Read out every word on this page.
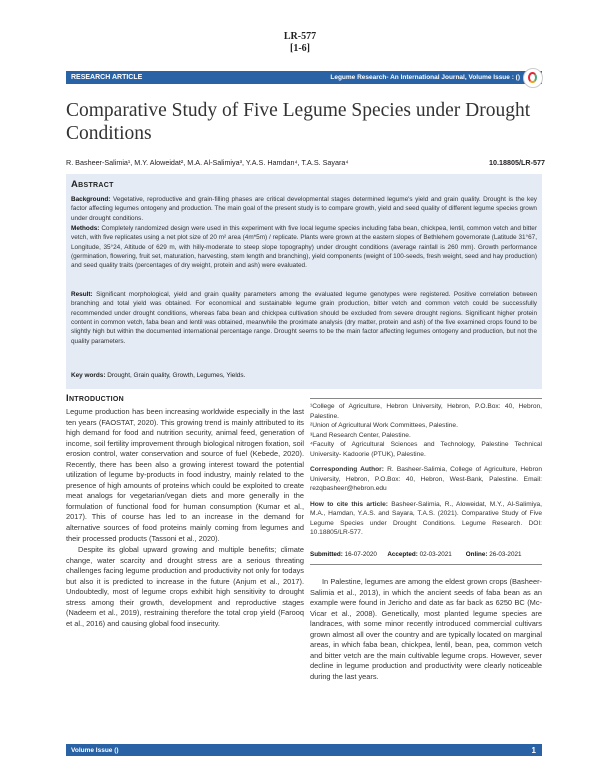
LR-577
[1-6]
RESEARCH ARTICLE	Legume Research- An International Journal, Volume Issue : ()
Comparative Study of Five Legume Species under Drought
Conditions
R. Basheer-Salimia¹, M.Y. Aloweidat², M.A. Al-Salimiya³, Y.A.S. Hamdan⁴, T.A.S. Sayara⁴	10.18805/LR-577
Abstract
Background: Vegetative, reproductive and grain-filling phases are critical developmental stages determined legume's yield and grain quality. Drought is the key factor affecting legumes ontogeny and production. The main goal of the present study is to compare growth, yield and seed quality of different legume species grown under drought conditions.
Methods: Completely randomized design were used in this experiment with five local legume species including faba bean, chickpea, lentil, common vetch and bitter vetch, with five replicates using a net plot size of 20 m² area (4m*5m) / replicate. Plants were grown at the eastern slopes of Bethlehem governorate (Latitude 31°67, Longitude, 35°24, Altitude of 629 m, with hilly-moderate to steep slope topography) under drought conditions (average rainfall is 260 mm). Growth performance (germination, flowering, fruit set, maturation, harvesting, stem length and branching), yield components (weight of 100-seeds, fresh weight, seed and hay production) and seed quality traits (percentages of dry weight, protein and ash) were evaluated.
Result: Significant morphological, yield and grain quality parameters among the evaluated legume genotypes were registered. Positive correlation between branching and total yield was obtained. For economical and sustainable legume grain production, bitter vetch and common vetch could be successfully recommended under drought conditions, whereas faba bean and chickpea cultivation should be excluded from severe drought regions. Significant higher protein content in common vetch, faba bean and lentil was obtained, meanwhile the proximate analysis (dry matter, protein and ash) of the five examined crops found to be slightly high but within the documented international percentage range. Drought seems to be the main factor affecting legumes ontogeny and production, but not the quality parameters.
Key words: Drought, Grain quality, Growth, Legumes, Yields.
Introduction

Legume production has been increasing worldwide especially in the last ten years (FAOSTAT, 2020). This growing trend is mainly attributed to its high demand for food and nutrition security, animal feed, generation of income, soil fertility improvement through biological nitrogen fixation, soil erosion control, water conservation and source of fuel (Kebede, 2020). Recently, there has been also a growing interest toward the potential utilization of legume by-products in food industry, mainly related to the presence of high amounts of proteins which could be exploited to create meat analogs for vegetarian/vegan diets and more generally in the formulation of functional food for human consumption (Kumar et al., 2017). This of course has led to an increase in the demand for alternative sources of food proteins mainly coming from legumes and their processed products (Tassoni et al., 2020).

Despite its global upward growing and multiple benefits; climate change, water scarcity and drought stress are a serious threating challenges facing legume production and productivity not only for todays but also it is predicted to increase in the future (Anjum et al., 2017). Undoubtedly, most of legume crops exhibit high sensitivity to drought stress among their growth, development and reproductive stages (Nadeem et al., 2019), restraining therefore the total crop yield (Farooq et al., 2016) and causing global food insecurity.

¹College of Agriculture, Hebron University, Hebron, P.O.Box: 40, Hebron, Palestine.

²Union of Agricultural Work Committees, Palestine.

³Land Research Center, Palestine.

⁴Faculty of Agricultural Sciences and Technology, Palestine Technical University- Kadoorie (PTUK), Palestine.

Corresponding Author: R. Basheer-Salimia, College of Agriculture, Hebron University, Hebron, P.O.Box: 40, Hebron, West-Bank, Palestine. Email: rezqbasheer@hebron.edu

How to cite this article: Basheer-Salimia, R., Aloweidat, M.Y., Al-Salimiya, M.A., Hamdan, Y.A.S. and Sayara, T.A.S. (2021). Comparative Study of Five Legume Species under Drought Conditions. Legume Research. DOI: 10.18805/LR-577.

Submitted: 16-07-2020 Accepted: 02-03-2021 Online: 26-03-2021

In Palestine, legumes are among the eldest grown crops (Basheer-Salimia et al., 2013), in which the ancient seeds of faba bean as an example were found in Jericho and date as far back as 6250 BC (Mc-Vicar et al., 2008). Genetically, most planted legume species are landraces, with some minor recently introduced commercial cultivars grown almost all over the country and are typically located on marginal areas, in which faba bean, chickpea, lentil, bean, pea, common vetch and bitter vetch are the main cultivable legume crops. However, sever decline in legume production and productivity were clearly noticeable during the last years.

Volume Issue ()	1
